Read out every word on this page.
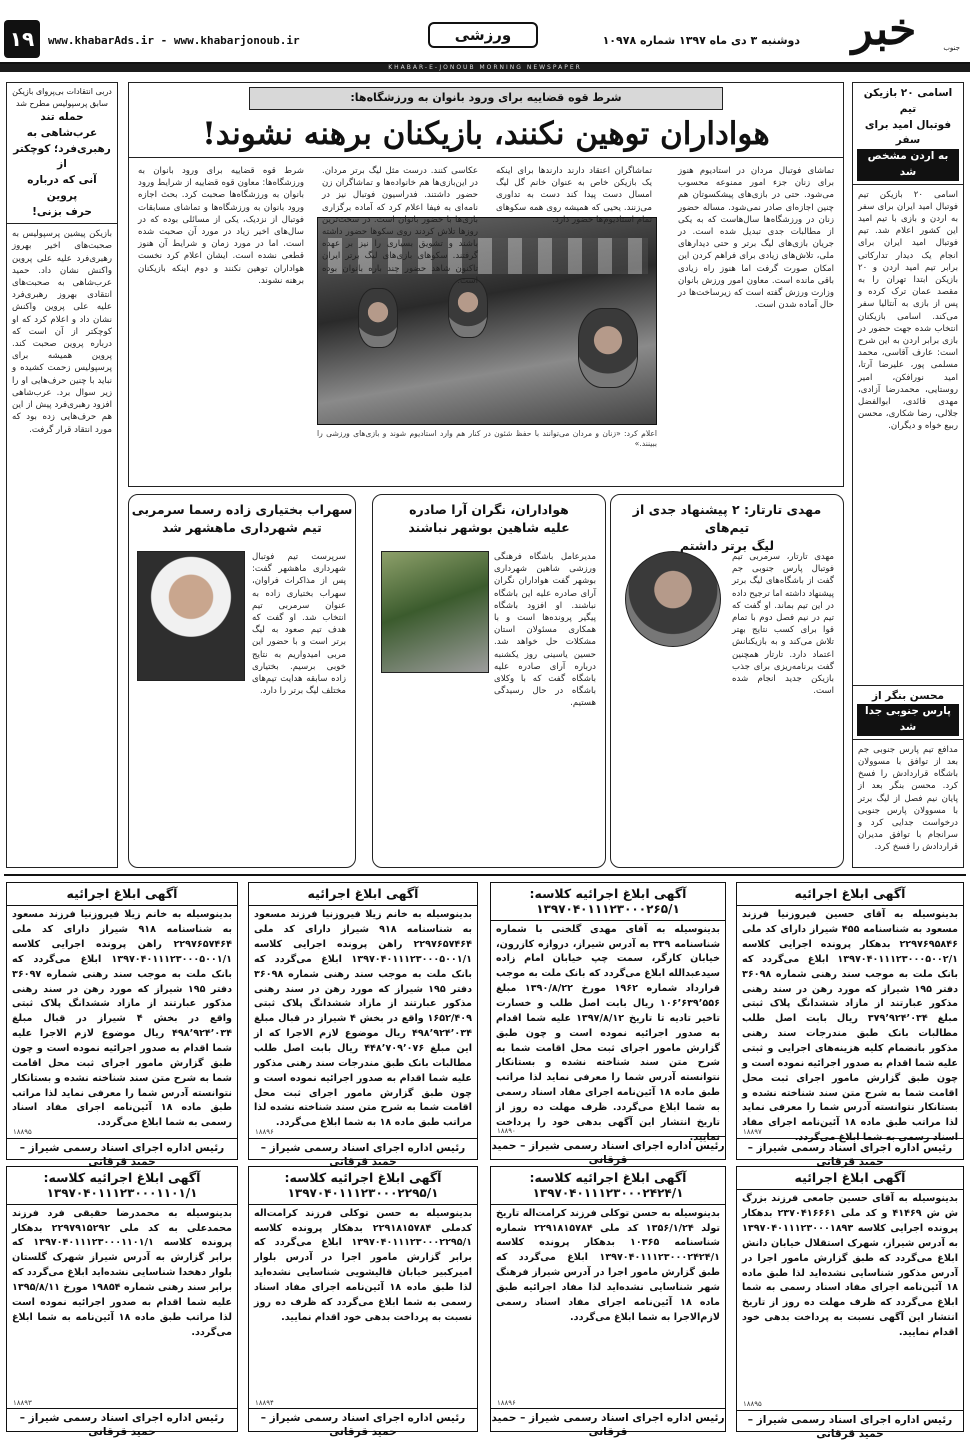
خبر	جنوب
دوشنبه ۳ دی ماه ۱۳۹۷ شماره ۱۰۹۷۸
ورزشی
www.khabarAds.ir - www.khabarjonoub.ir
۱۹
KHABAR-E-JONOUB MORNING NEWSPAPER
اسامی ۲۰ بازیکن تیم
فوتبال امید برای سفر
به اردن مشخص شد
اسامی ۲۰ بازیکن تیم فوتبال امید ایران برای سفر به اردن و بازی با تیم امید این کشور اعلام شد. تیم فوتبال امید ایران برای انجام یک دیدار تدارکاتی برابر تیم امید اردن و ۲۰ بازیکن ابتدا تهران را به مقصد عمان ترک کرده و پس از بازی به آنتالیا سفر می‌کند. اسامی بازیکنان انتخاب شده جهت حضور در بازی برابر اردن به این شرح است: عارف آقاسی، محمد مسلمی پور، علیرضا آرتا، امید نورافکن، امیر روستایی، محمدرضا آزادی، مهدی قائدی، ابوالفضل جلالی، رضا شکاری، محسن ربیع خواه و دیگران.
محسن بنگر از
پارس جنوبی جدا شد
مدافع تیم پارس جنوبی جم بعد از توافق با مسوولان باشگاه قراردادش را فسخ کرد. محسن بنگر بعد از پایان نیم فصل از لیگ برتر با مسوولان پارس جنوبی درخواست جدایی کرد و سرانجام با توافق مدیران قراردادش را فسخ کرد.
شرط قوه قضاییه برای ورود بانوان به ورزشگاه‌ها:
هواداران توهین نکنند، بازیکنان برهنه نشوند!
تماشای فوتبال مردان در استادیوم هنوز برای زنان جزء امور ممنوعه محسوب می‌شود. حتی در بازی‌های پیشکسوتان هم چنین اجازه‌ای صادر نمی‌شود. مساله حضور زنان در ورزشگاه‌ها سال‌هاست که به یکی از مطالبات جدی تبدیل شده است. در جریان بازی‌های لیگ برتر و حتی دیدارهای ملی، تلاش‌های زیادی برای فراهم کردن این امکان صورت گرفت اما هنوز راه زیادی باقی مانده است. معاون امور ورزش بانوان وزارت ورزش گفته است که زیرساخت‌ها در حال آماده شدن است.
عکاسی کنند. درست مثل لیگ برتر مردان. در این‌بازی‌ها هم خانواده‌ها و تماشاگران زن حضور داشتند. فدراسیون فوتبال نیز در نامه‌ای به فیفا اعلام کرد که آماده برگزاری بازی‌ها با حضور بانوان است. در سخت‌ترین روزها تلاش کردند روی سکوها حضور داشته باشند و تشویق بسیاری را نیز بر عهده گرفتند. سکوهای بازی‌های لیگ برتر ایران تاکنون شاهد حضور چند باره بانوان بوده است.
تماشاگران اعتقاد دارند دارندها برای اینکه یک بازیکن خاص به عنوان خانم گل لیگ امسال دست پیدا کند دست به تداوری می‌زنند. یحیی که همیشه روی همه سکوهای تمام استادیوم‌ها حضور دارد.
اعلام کرد: «زنان و مردان می‌توانند با حفظ شئون در کنار هم وارد استادیوم شوند و بازی‌های ورزشی را ببینند.»
شرط قوه قضاییه برای ورود بانوان به ورزشگاه‌ها: معاون قوه قضاییه از شرایط ورود بانوان به ورزشگاه‌ها صحبت کرد. بحث اجازه ورود بانوان به ورزشگاه‌ها و تماشای مسابقات فوتبال از نزدیک، یکی از مسائلی بوده که در سال‌های اخیر زیاد در مورد آن صحبت شده است. اما در مورد زمان و شرایط آن هنوز قطعی نشده است. ایشان اعلام کرد نخست هواداران توهین نکنند و دوم اینکه بازیکنان برهنه نشوند.
دربی انتقادات بی‌پروای بازیکن
سابق پرسپولیس مطرح شد
حمله تند عرب‌شاهی به
رهبری‌فرد؛ کوچکتر از
آنی که درباره پروین
حرف بزنی!
بازیکن پیشین پرسپولیس به صحبت‌های اخیر بهروز رهبری‌فرد علیه علی پروین واکنش نشان داد. حمید عرب‌شاهی به صحبت‌های انتقادی بهروز رهبری‌فرد علیه علی پروین واکنش نشان داد و اعلام کرد که او کوچکتر از آن است که درباره پروین صحبت کند. پروین همیشه برای پرسپولیس زحمت کشیده و نباید با چنین حرف‌هایی او را زیر سوال برد. عرب‌شاهی افزود رهبری‌فرد پیش از این هم حرف‌هایی زده بود که مورد انتقاد قرار گرفت.
مهدی تارتار: ۲ پیشنهاد جدی از تیم‌های
لیگ برتر داشتم
مهدی تارتار، سرمربی تیم فوتبال پارس جنوبی جم گفت از باشگاه‌های لیگ برتر پیشنهاد داشته اما ترجیح داده در این تیم بماند. او گفت که تیم در نیم فصل دوم با تمام قوا برای کسب نتایج بهتر تلاش می‌کند و به بازیکنانش اعتماد دارد. تارتار همچنین گفت برنامه‌ریزی برای جذب بازیکن جدید انجام شده است.
هواداران، نگران آرا صادره
علیه شاهین بوشهر نباشند
مدیرعامل باشگاه فرهنگی ورزشی شاهین شهرداری بوشهر گفت هواداران نگران آرای صادره علیه این باشگاه نباشند. او افزود باشگاه پیگیر پرونده‌ها است و با همکاری مسئولان استان مشکلات حل خواهد شد. حسین یاسینی روز یکشنبه درباره آرای صادره علیه باشگاه گفت که با وکلای باشگاه در حال رسیدگی هستیم.
سهراب بختیاری زاده رسما سرمربی
تیم شهرداری ماهشهر شد
سرپرست تیم فوتبال شهرداری ماهشهر گفت: پس از مذاکرات فراوان، سهراب بختیاری زاده به عنوان سرمربی تیم انتخاب شد. او گفت که هدف تیم صعود به لیگ برتر است و با حضور این مربی امیدواریم به نتایج خوبی برسیم. بختیاری زاده سابقه هدایت تیم‌های مختلف لیگ برتر را دارد.
آگهی ابلاغ اجرائیه
بدینوسیله به آقای حسین فیروزنیا فرزند مسعود به شناسنامه ۴۵۵ شیراز دارای کد ملی ۲۲۹۷۶۹۵۸۴۶ بدهکار پرونده اجرایی کلاسه ۱۳۹۷۰۴۰۱۱۱۲۳۰۰۰۵۰۰۲/۱ ابلاغ می‌گردد که بانک ملت به موجب سند رهنی شماره ۳۶۰۹۸ دفتر ۱۹۵ شیراز که مورد رهن در سند رهنی مذکور عبارتند از مازاد ششدانگ پلاک ثبتی مبلغ ۳۷۹٬۹۲۴٬۰۳۴ ریال بابت اصل طلب مطالبات بانک طبق مندرجات سند رهنی مذکور بانضمام کلیه هزینه‌های اجرایی و ثبتی علیه شما اقدام به صدور اجرائیه نموده است و چون طبق گزارش مامور اجرای ثبت محل اقامت شما به شرح متن سند شناخته نشده و بستانکار نتوانسته آدرس شما را معرفی نماید لذا مراتب طبق ماده ۱۸ آئین‌نامه اجرای مفاد اسناد رسمی به شما ابلاغ می‌گردد.
۱۸۸۹۷
رئیس اداره اجرای اسناد رسمی شیراز – حمید قرقانی
آگهی ابلاغ اجرائیه کلاسه:
۱۳۹۷۰۴۰۱۱۱۲۳۰۰۰۲۶۵/۱
بدینوسیله به آقای مهدی گلخنی با شماره شناسنامه ۳۳۹ به آدرس شیراز، دروازه کازرون، خیابان کارگر، سمت چپ خیابان امام زاده سیدعبدالله ابلاغ می‌گردد که بانک ملت به موجب قرارداد شماره ۱۹۶۲ مورخ ۱۳۹۰/۸/۲۲ مبلغ ۱۰۶٬۶۳۹٬۵۵۶ ریال بابت اصل طلب و خسارت تاخیر تادیه تا تاریخ ۱۳۹۷/۸/۱۲ علیه شما اقدام به صدور اجرائیه نموده است و چون طبق گزارش مامور اجرای ثبت محل اقامت شما به شرح متن سند شناخته نشده و بستانکار نتوانسته آدرس شما را معرفی نماید لذا مراتب طبق ماده ۱۸ آئین‌نامه اجرای مفاد اسناد رسمی به شما ابلاغ می‌گردد. ظرف مهلت ده روز از تاریخ انتشار این آگهی بدهی خود را پرداخت نمایید.
۱۸۸۹۰
رئیس اداره اجرای اسناد رسمی شیراز – حمید قرقانی
آگهی ابلاغ اجرائیه
بدینوسیله به خانم زیلا فیروزنیا فرزند مسعود به شناسنامه ۹۱۸ شیراز دارای کد ملی ۲۲۹۷۶۵۷۴۶۴ راهن پرونده اجرایی کلاسه ۱۳۹۷۰۴۰۱۱۱۲۳۰۰۰۵۰۰۱/۱ ابلاغ می‌گردد که بانک ملت به موجب سند رهنی شماره ۳۶۰۹۸ دفتر ۱۹۵ شیراز که مورد رهن در سند رهنی مذکور عبارتند از مازاد ششدانگ پلاک ثبتی ۱۶۵۲/۴۰۹ واقع در بخش ۴ شیراز در قبال مبلغ ۴۹۸٬۹۲۴٬۰۳۴ ریال موضوع لازم الاجرا که از این مبلغ ۴۴۸٬۷۰۹٬۰۷۶ ریال بابت اصل طلب مطالبات بانک طبق مندرجات سند رهنی مذکور علیه شما اقدام به صدور اجرائیه نموده است و چون طبق گزارش مامور اجرای ثبت محل اقامت شما به شرح متن سند شناخته نشده لذا مراتب طبق ماده ۱۸ به شما ابلاغ می‌گردد.
۱۸۸۹۶
رئیس اداره اجرای اسناد رسمی شیراز – حمید قرقانی
آگهی ابلاغ اجرائیه
بدینوسیله به خانم زیلا فیروزنیا فرزند مسعود به شناسنامه ۹۱۸ شیراز دارای کد ملی ۲۲۹۷۶۵۷۴۶۴ راهن پرونده اجرایی کلاسه ۱۳۹۷۰۴۰۱۱۱۲۳۰۰۰۵۰۰۱/۱ ابلاغ می‌گردد که بانک ملت به موجب سند رهنی شماره ۳۶۰۹۷ دفتر ۱۹۵ شیراز که مورد رهن در سند رهنی مذکور عبارتند از مازاد ششدانگ پلاک ثبتی واقع در بخش ۴ شیراز در قبال مبلغ ۴۹۸٬۹۲۴٬۰۳۴ ریال موضوع لازم الاجرا علیه شما اقدام به صدور اجرائیه نموده است و چون طبق گزارش مامور اجرای ثبت محل اقامت شما به شرح متن سند شناخته نشده و بستانکار نتوانسته آدرس شما را معرفی نماید لذا مراتب طبق ماده ۱۸ آئین‌نامه اجرای مفاد اسناد رسمی به شما ابلاغ می‌گردد.
۱۸۸۹۵
رئیس اداره اجرای اسناد رسمی شیراز – حمید قرقانی
آگهی ابلاغ اجرائیه
بدینوسیله به آقای حسین جامعی فرزند بزرگ ش ش ۴۱۴۶۹ و کد ملی ۲۳۷۰۴۱۶۶۶۱ بدهکار پرونده اجرایی کلاسه ۱۳۹۷۰۴۰۱۱۱۲۳۰۰۰۱۸۹۳ به آدرس شیراز، شهرک استقلال خیابان دانش ابلاغ می‌گردد که طبق گزارش مامور اجرا در آدرس مذکور شناسایی نشده‌اید لذا طبق ماده ۱۸ آئین‌نامه اجرای مفاد اسناد رسمی به شما ابلاغ می‌گردد که ظرف مهلت ده روز از تاریخ انتشار این آگهی نسبت به پرداخت بدهی خود اقدام نمایید.
۱۸۸۹۵
رئیس اداره اجرای اسناد رسمی شیراز – حمید قرقانی
آگهی ابلاغ اجرائیه کلاسه:
۱۳۹۷۰۴۰۱۱۱۲۳۰۰۰۲۴۲۴/۱
بدینوسیله به حسن توکلی فرزند کرامت‌اله تاریخ تولد ۱۳۵۶/۱/۲۴ کد ملی ۲۲۹۱۸۱۵۷۸۴ شماره شناسنامه ۱۰۳۶۵ بدهکار پرونده کلاسه ۱۳۹۷۰۴۰۱۱۱۲۳۰۰۰۲۴۲۴/۱ ابلاغ می‌گردد که طبق گزارش مامور اجرا در آدرس شیراز فرهنگ شهر شناسایی نشده‌اید لذا مفاد اجرائیه طبق ماده ۱۸ آئین‌نامه اجرای مفاد اسناد رسمی لازم‌الاجرا به شما ابلاغ می‌گردد.
۱۸۸۹۶
رئیس اداره اجرای اسناد رسمی شیراز – حمید قرقانی
آگهی ابلاغ اجرائیه کلاسه:
۱۳۹۷۰۴۰۱۱۱۲۳۰۰۰۲۲۹۵/۱
بدینوسیله به حسن توکلی فرزند کرامت‌اله کدملی ۲۲۹۱۸۱۵۷۸۴ بدهکار پرونده کلاسه ۱۳۹۷۰۴۰۱۱۱۲۳۰۰۰۲۲۹۵/۱ ابلاغ می‌گردد که برابر گزارش مامور اجرا در آدرس بلوار امیرکبیر خیابان قالیشویی شناسایی نشده‌اید لذا طبق ماده ۱۸ آئین‌نامه اجرای مفاد اسناد رسمی به شما ابلاغ می‌گردد که ظرف ده روز نسبت به پرداخت بدهی خود اقدام نمایید.
۱۸۸۹۴
رئیس اداره اجرای اسناد رسمی شیراز – حمید قرقانی
آگهی ابلاغ اجرائیه کلاسه:
۱۳۹۷۰۴۰۱۱۱۲۳۰۰۰۱۱۰۱/۱
بدینوسیله به محمدرضا حقیقی فرد فرزند محمدعلی به کد ملی ۲۲۹۷۹۱۵۲۹۲ بدهکار پرونده کلاسه ۱۳۹۷۰۴۰۱۱۱۲۳۰۰۰۱۱۰۱/۱ که برابر گزارش به آدرس شیراز شهرک گلستان بلوار دهخدا شناسایی نشده‌اید ابلاغ می‌گردد که برابر سند رهنی شماره ۱۹۸۵۴ مورخ ۱۳۹۵/۸/۱۱ علیه شما اقدام به صدور اجرائیه نموده است لذا مراتب طبق ماده ۱۸ آئین‌نامه به شما ابلاغ می‌گردد.
۱۸۸۹۳
رئیس اداره اجرای اسناد رسمی شیراز – حمید قرقانی
